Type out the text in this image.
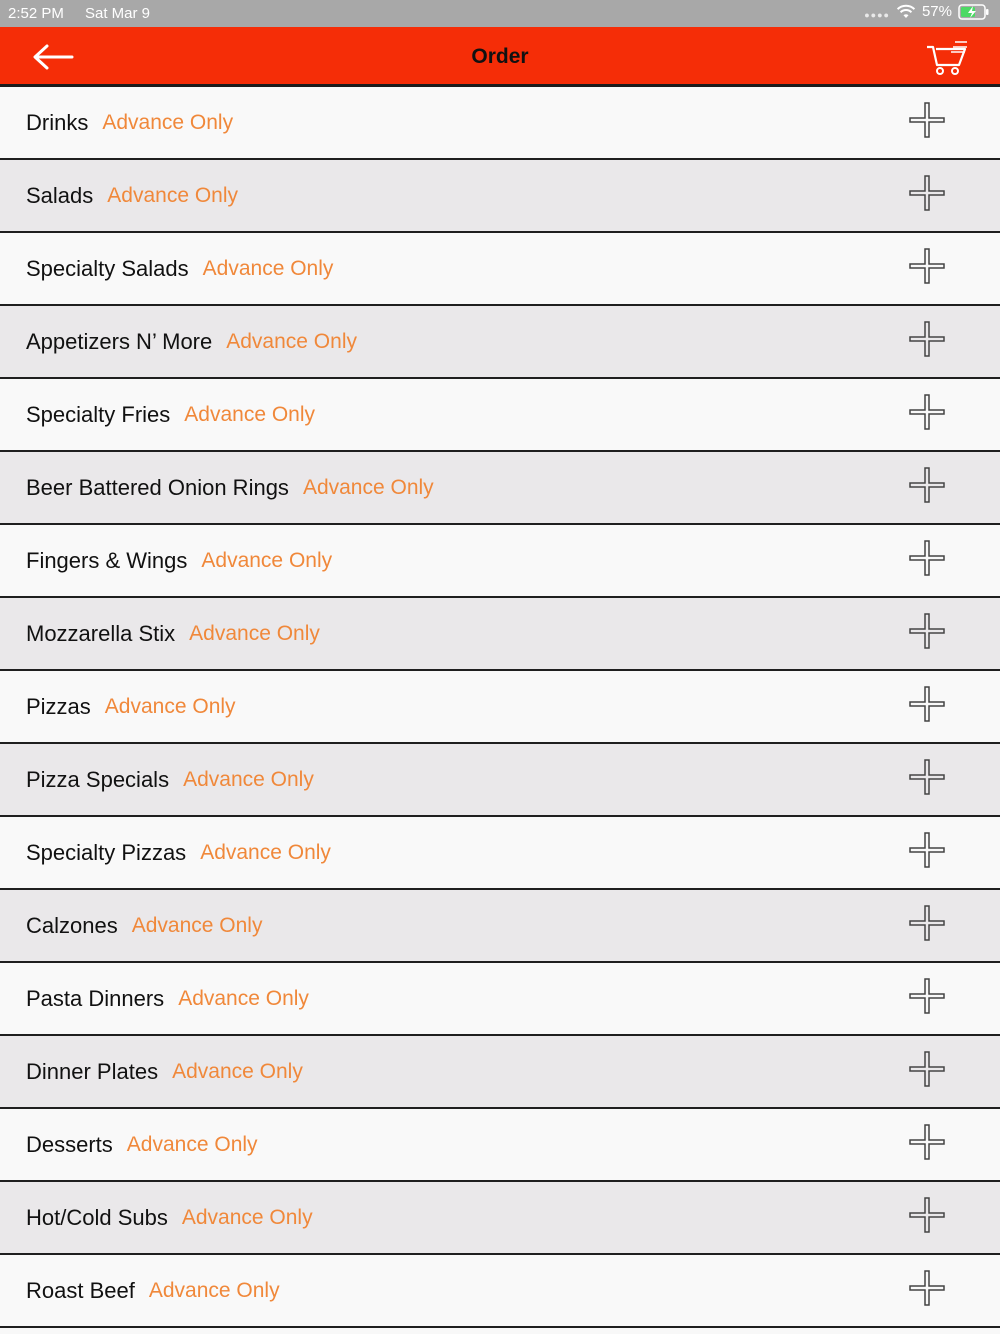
2:52 PM Sat Mar 9	●●●● 57%
Order
Drinks Advance Only
Salads Advance Only
Specialty Salads Advance Only
Appetizers N’ More Advance Only
Specialty Fries Advance Only
Beer Battered Onion Rings Advance Only
Fingers & Wings Advance Only
Mozzarella Stix Advance Only
Pizzas Advance Only
Pizza Specials Advance Only
Specialty Pizzas Advance Only
Calzones Advance Only
Pasta Dinners Advance Only
Dinner Plates Advance Only
Desserts Advance Only
Hot/Cold Subs Advance Only
Roast Beef Advance Only
